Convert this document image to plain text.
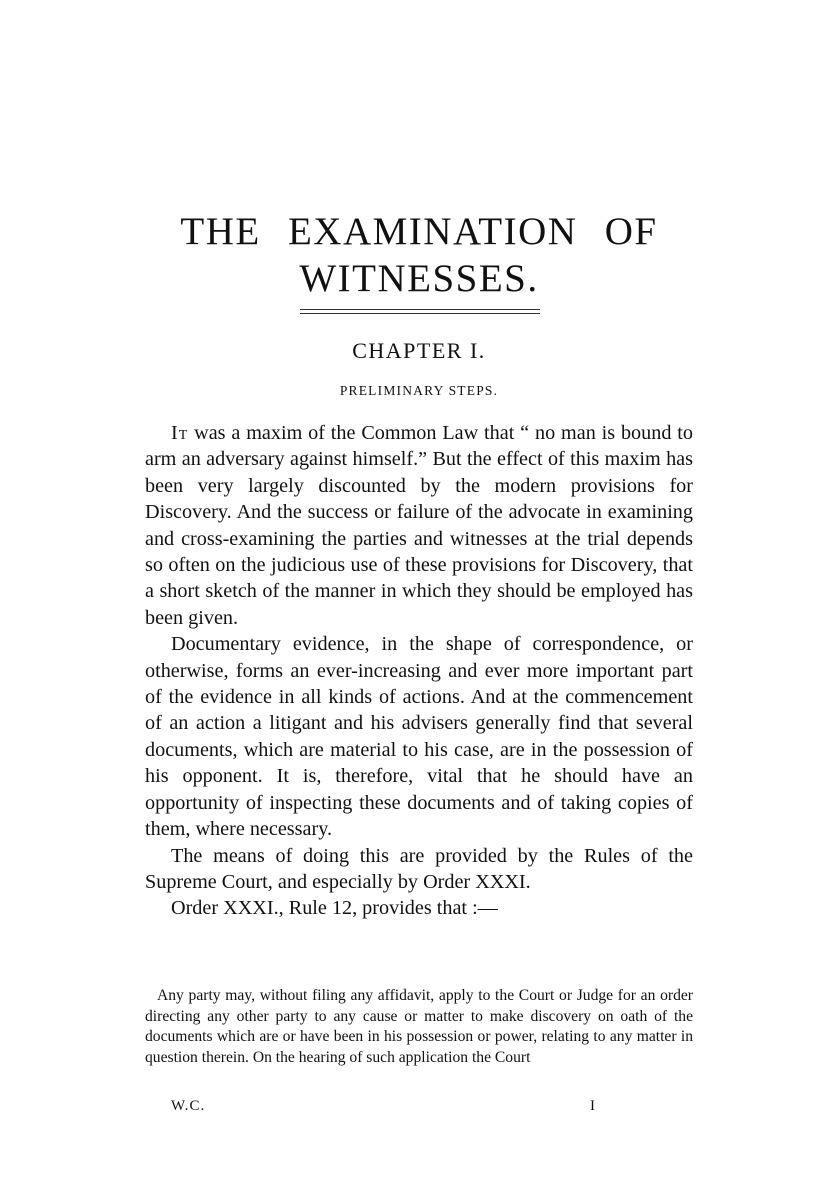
THE EXAMINATION OF
WITNESSES.
CHAPTER I.
PRELIMINARY STEPS.

It was a maxim of the Common Law that “ no man is bound to arm an adversary against himself.” But the effect of this maxim has been very largely discounted by the modern provisions for Discovery. And the success or failure of the advocate in examining and cross-examining the parties and witnesses at the trial depends so often on the judicious use of these provisions for Discovery, that a short sketch of the manner in which they should be employed has been given.

Documentary evidence, in the shape of correspondence, or otherwise, forms an ever-increasing and ever more important part of the evidence in all kinds of actions. And at the commencement of an action a litigant and his advisers generally find that several documents, which are material to his case, are in the possession of his opponent. It is, therefore, vital that he should have an opportunity of inspecting these documents and of taking copies of them, where necessary.

The means of doing this are provided by the Rules of the Supreme Court, and especially by Order XXXI.

Order XXXI., Rule 12, provides that :—

Any party may, without filing any affidavit, apply to the Court or Judge for an order directing any other party to any cause or matter to make discovery on oath of the documents which are or have been in his possession or power, relating to any matter in question therein. On the hearing of such application the Court

W.C.	I
